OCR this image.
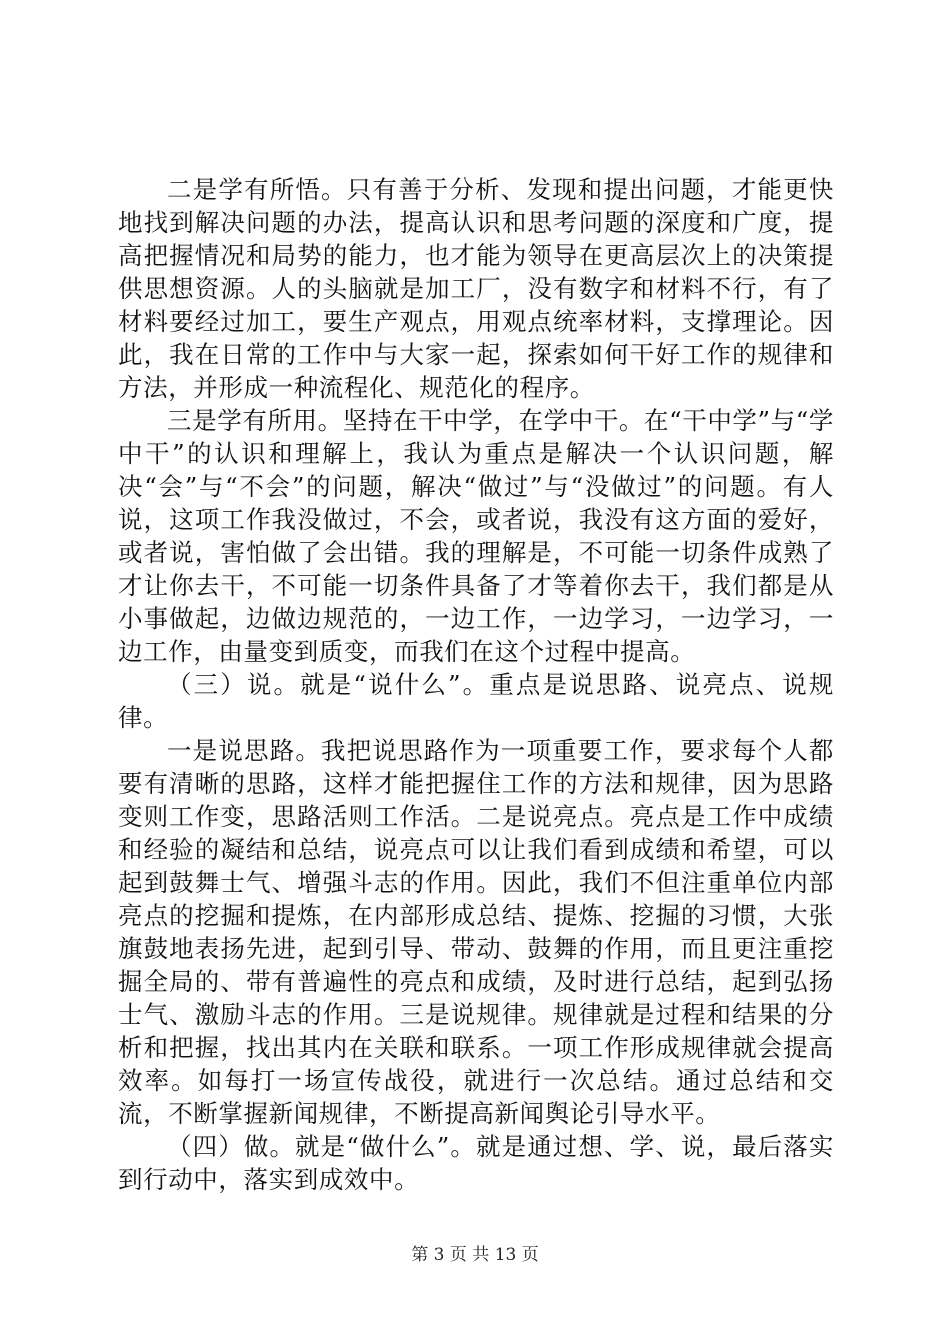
二是学有所悟。只有善于分析、发现和提出问题，才能更快地找到解决问题的办法，提高认识和思考问题的深度和广度，提高把握情况和局势的能力，也才能为领导在更高层次上的决策提供思想资源。人的头脑就是加工厂，没有数字和材料不行，有了材料要经过加工，要生产观点，用观点统率材料，支撑理论。因此，我在日常的工作中与大家一起，探索如何干好工作的规律和方法，并形成一种流程化、规范化的程序。

三是学有所用。坚持在干中学，在学中干。在“干中学”与“学中干”的认识和理解上，我认为重点是解决一个认识问题，解决“会”与“不会”的问题，解决“做过”与“没做过”的问题。有人说，这项工作我没做过，不会，或者说，我没有这方面的爱好，或者说，害怕做了会出错。我的理解是，不可能一切条件成熟了才让你去干，不可能一切条件具备了才等着你去干，我们都是从小事做起，边做边规范的，一边工作，一边学习，一边学习，一边工作，由量变到质变，而我们在这个过程中提高。

（三）说。就是“说什么”。重点是说思路、说亮点、说规律。

一是说思路。我把说思路作为一项重要工作，要求每个人都要有清晰的思路，这样才能把握住工作的方法和规律，因为思路变则工作变，思路活则工作活。二是说亮点。亮点是工作中成绩和经验的凝结和总结，说亮点可以让我们看到成绩和希望，可以起到鼓舞士气、增强斗志的作用。因此，我们不但注重单位内部亮点的挖掘和提炼，在内部形成总结、提炼、挖掘的习惯，大张旗鼓地表扬先进，起到引导、带动、鼓舞的作用，而且更注重挖掘全局的、带有普遍性的亮点和成绩，及时进行总结，起到弘扬士气、激励斗志的作用。三是说规律。规律就是过程和结果的分析和把握，找出其内在关联和联系。一项工作形成规律就会提高效率。如每打一场宣传战役，就进行一次总结。通过总结和交流，不断掌握新闻规律，不断提高新闻舆论引导水平。

（四）做。就是“做什么”。就是通过想、学、说，最后落实到行动中，落实到成效中。

第 3 页 共 13 页
